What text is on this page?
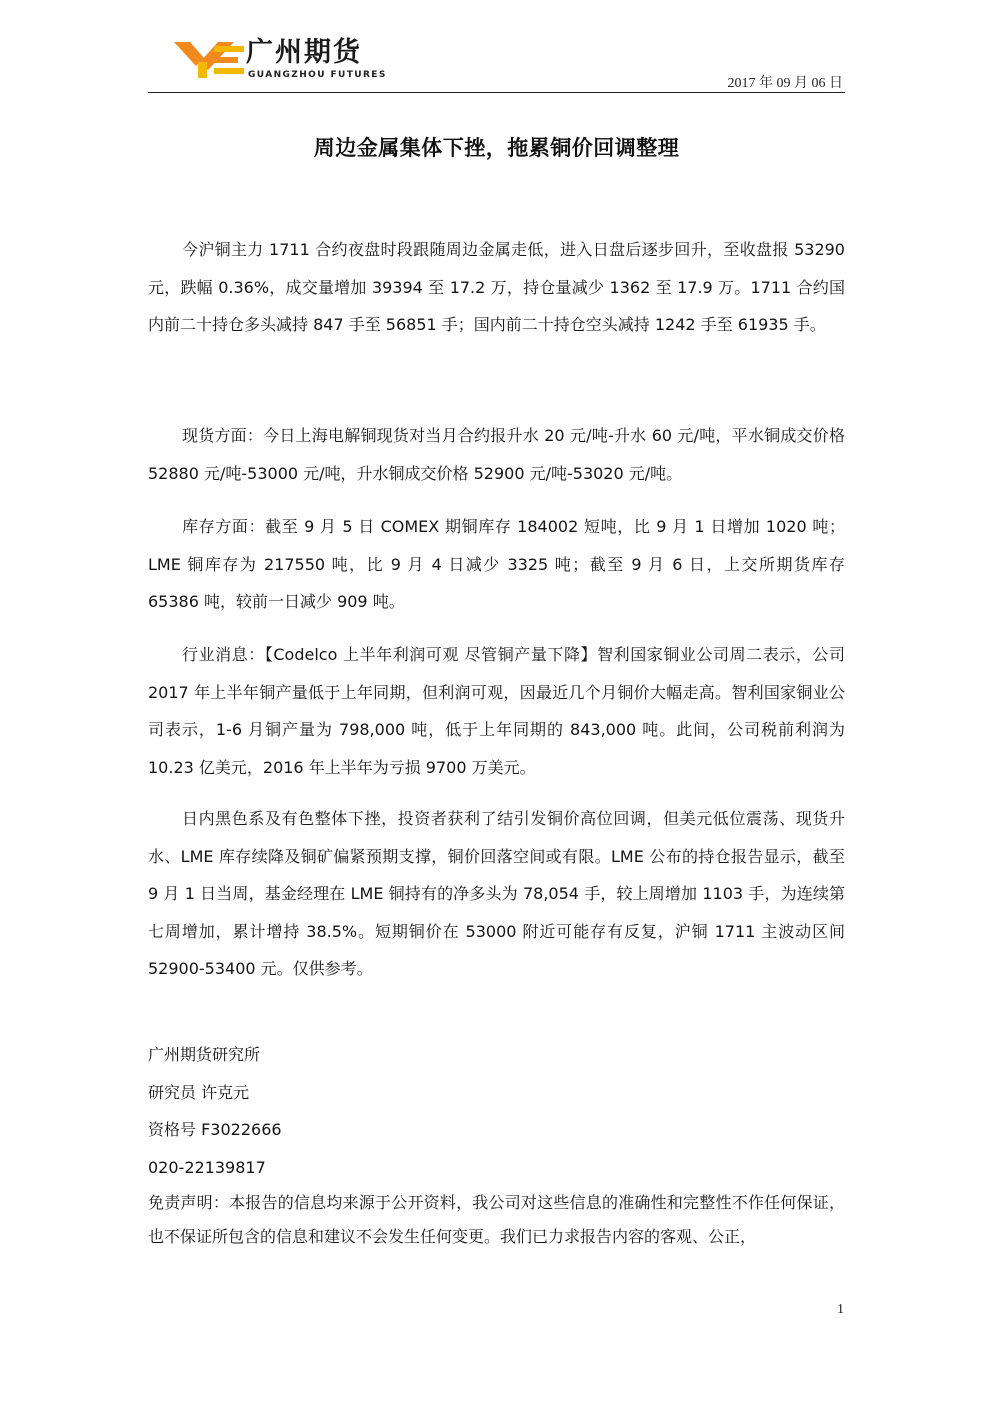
广州期货
GUANGZHOU FUTURES
2017 年 09 月 06 日
周边金属集体下挫，拖累铜价回调整理

今沪铜主力 1711 合约夜盘时段跟随周边金属走低，进入日盘后逐步回升，至收盘报 53290 元，跌幅 0.36%，成交量增加 39394 至 17.2 万，持仓量减少 1362 至 17.9 万。1711 合约国内前二十持仓多头减持 847 手至 56851 手；国内前二十持仓空头减持 1242 手至 61935 手。

现货方面：今日上海电解铜现货对当月合约报升水 20 元/吨-升水 60 元/吨，平水铜成交价格 52880 元/吨-53000 元/吨，升水铜成交价格 52900 元/吨-53020 元/吨。

库存方面：截至 9 月 5 日 COMEX 期铜库存 184002 短吨，比 9 月 1 日增加 1020 吨；LME 铜库存为 217550 吨，比 9 月 4 日减少 3325 吨；截至 9 月 6 日，上交所期货库存 65386 吨，较前一日减少 909 吨。

行业消息：【Codelco 上半年利润可观 尽管铜产量下降】智利国家铜业公司周二表示，公司 2017 年上半年铜产量低于上年同期，但利润可观，因最近几个月铜价大幅走高。智利国家铜业公司表示，1-6 月铜产量为 798,000 吨，低于上年同期的 843,000 吨。此间，公司税前利润为 10.23 亿美元，2016 年上半年为亏损 9700 万美元。

日内黑色系及有色整体下挫，投资者获利了结引发铜价高位回调，但美元低位震荡、现货升水、LME 库存续降及铜矿偏紧预期支撑，铜价回落空间或有限。LME 公布的持仓报告显示，截至 9 月 1 日当周，基金经理在 LME 铜持有的净多头为 78,054 手，较上周增加 1103 手，为连续第七周增加，累计增持 38.5%。短期铜价在 53000 附近可能存有反复，沪铜 1711 主波动区间 52900-53400 元。仅供参考。

广州期货研究所
研究员 许克元
资格号 F3022666
020-22139817
免责声明：本报告的信息均来源于公开资料，我公司对这些信息的准确性和完整性不作任何保证，也不保证所包含的信息和建议不会发生任何变更。我们已力求报告内容的客观、公正，
1
